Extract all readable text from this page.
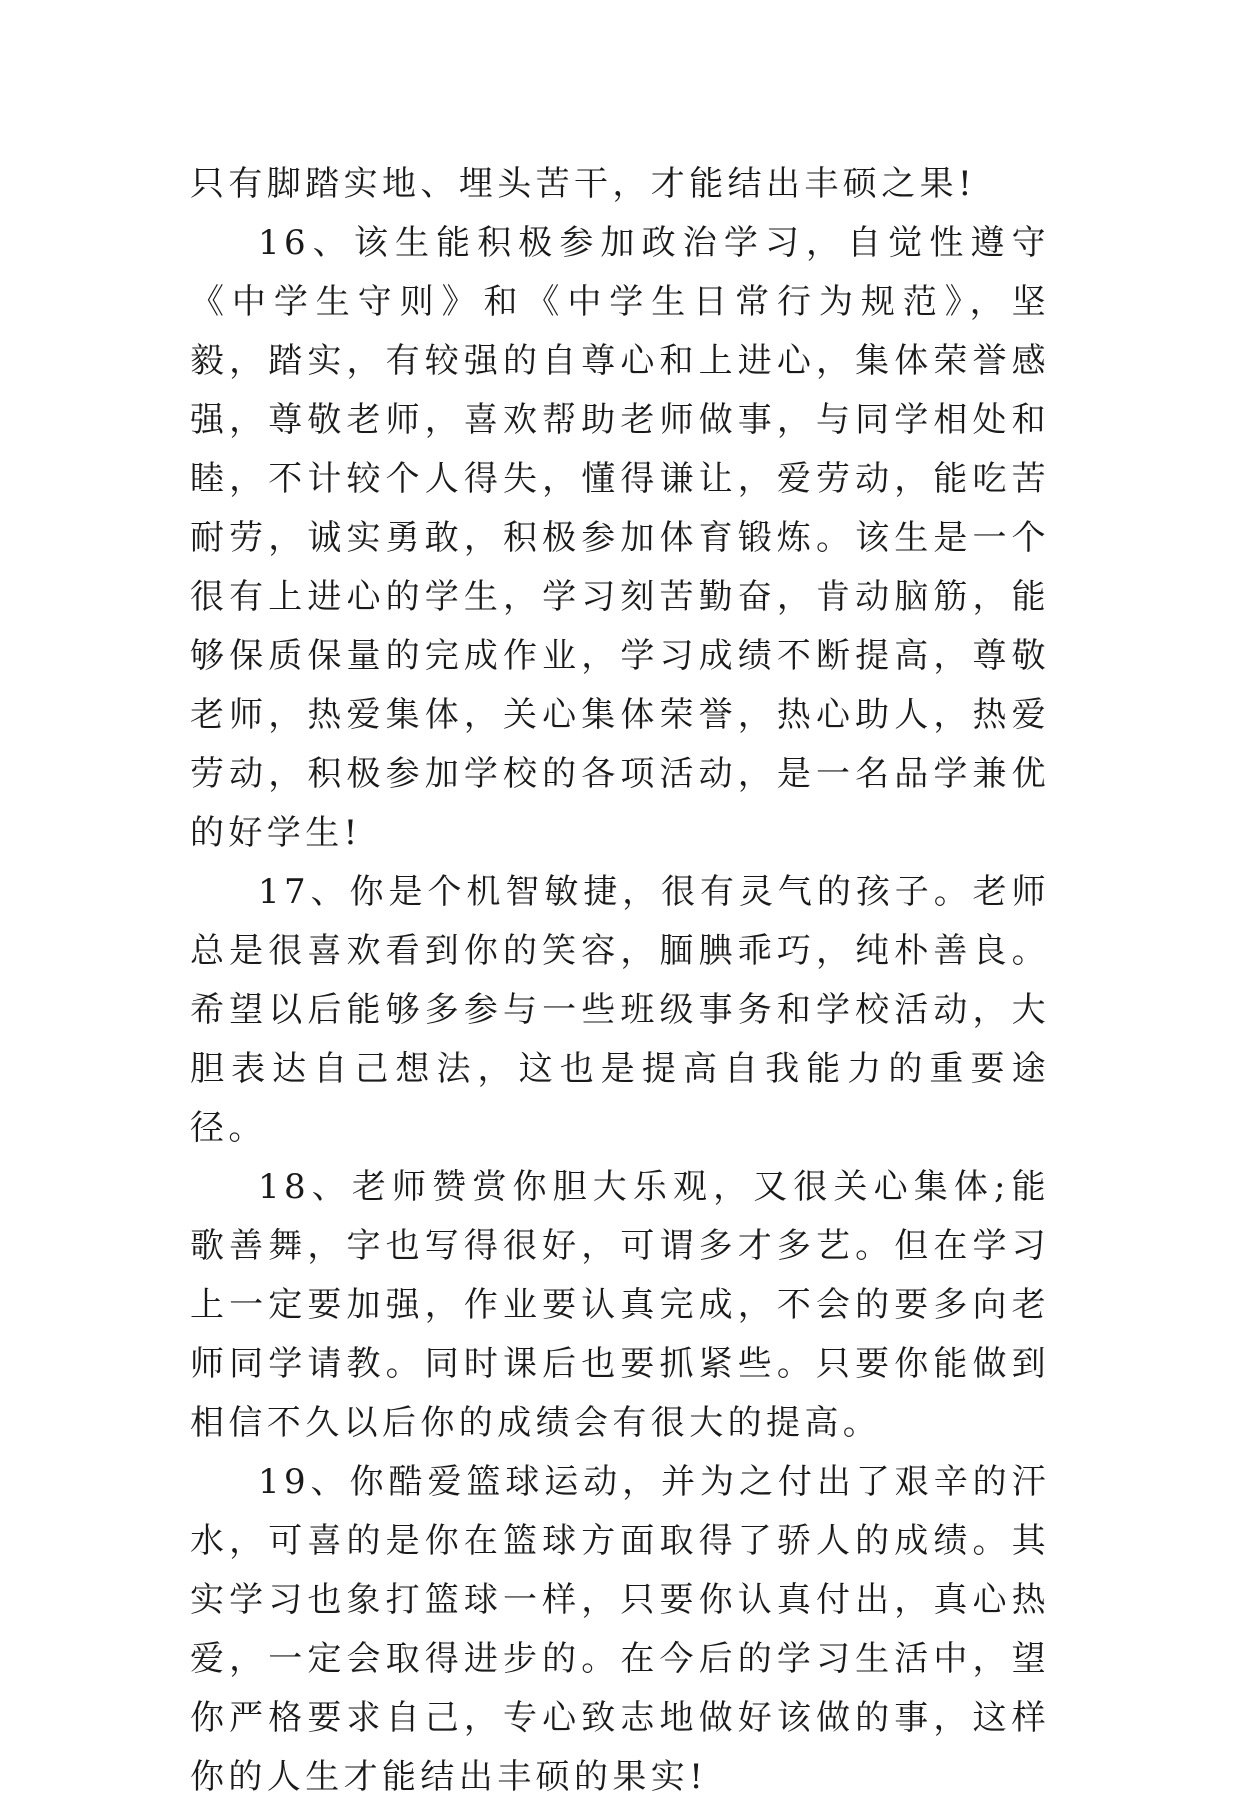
只有脚踏实地、埋头苦干，才能结出丰硕之果!

16、该生能积极参加政治学习，自觉性遵守《中学生守则》和《中学生日常行为规范》，坚毅，踏实，有较强的自尊心和上进心，集体荣誉感强，尊敬老师，喜欢帮助老师做事，与同学相处和睦，不计较个人得失，懂得谦让，爱劳动，能吃苦耐劳，诚实勇敢，积极参加体育锻炼。该生是一个很有上进心的学生，学习刻苦勤奋，肯动脑筋，能够保质保量的完成作业，学习成绩不断提高，尊敬老师，热爱集体，关心集体荣誉，热心助人，热爱劳动，积极参加学校的各项活动，是一名品学兼优的好学生!

17、你是个机智敏捷，很有灵气的孩子。老师总是很喜欢看到你的笑容，腼腆乖巧，纯朴善良。希望以后能够多参与一些班级事务和学校活动，大胆表达自己想法，这也是提高自我能力的重要途径。

18、老师赞赏你胆大乐观，又很关心集体;能歌善舞，字也写得很好，可谓多才多艺。但在学习上一定要加强，作业要认真完成，不会的要多向老师同学请教。同时课后也要抓紧些。只要你能做到相信不久以后你的成绩会有很大的提高。

19、你酷爱篮球运动，并为之付出了艰辛的汗水，可喜的是你在篮球方面取得了骄人的成绩。其实学习也象打篮球一样，只要你认真付出，真心热爱，一定会取得进步的。在今后的学习生活中，望你严格要求自己，专心致志地做好该做的事，这样你的人生才能结出丰硕的果实!
